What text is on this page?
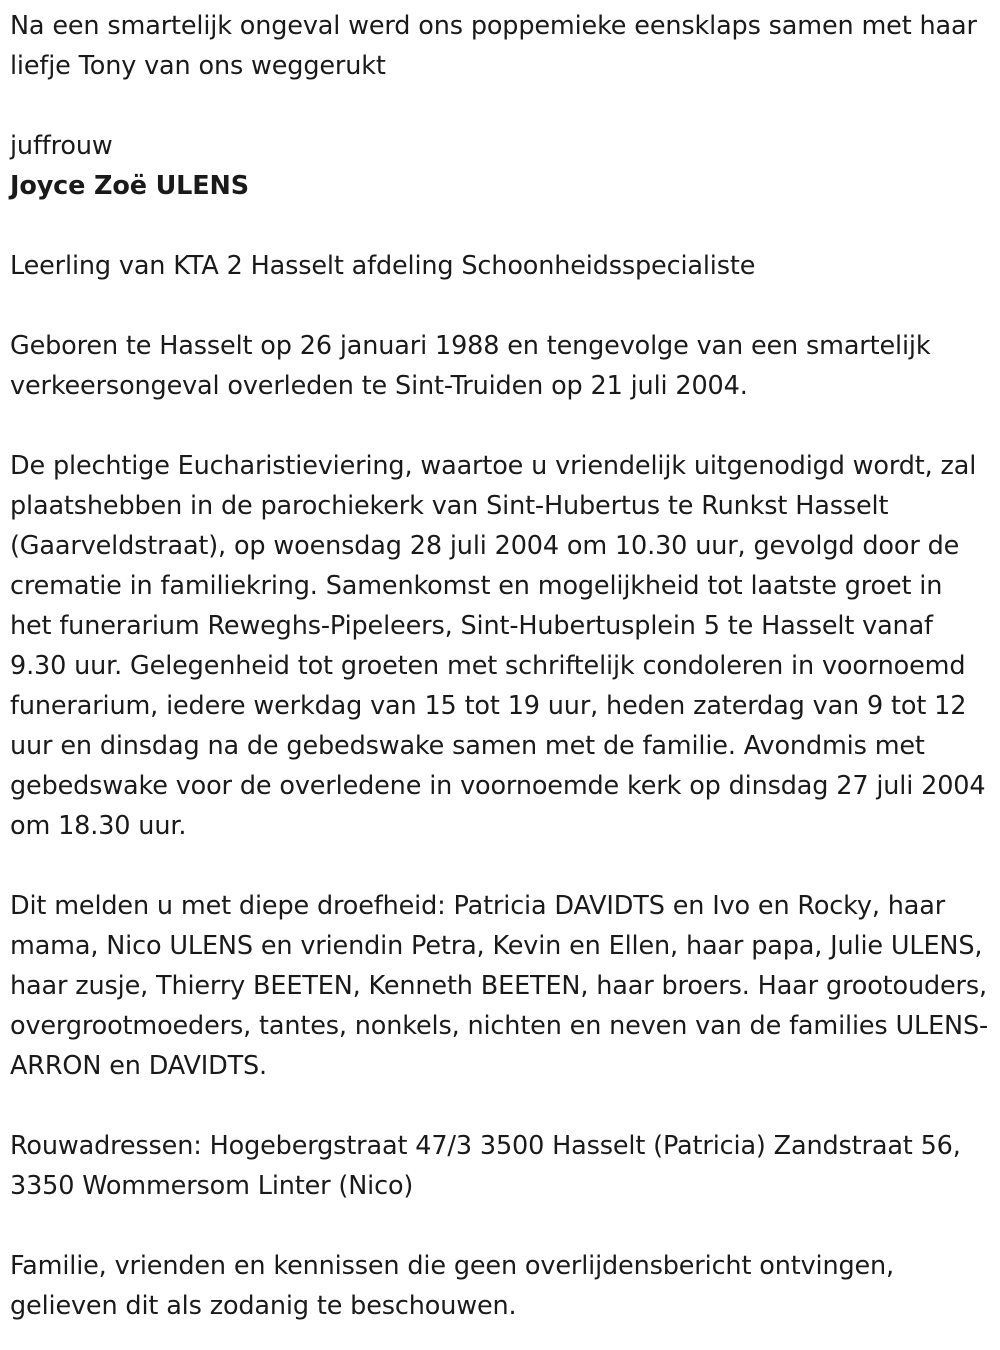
Na een smartelijk ongeval werd ons poppemieke eensklaps samen met haar liefje Tony van ons weggerukt

juffrouw

Joyce Zoë ULENS

Leerling van KTA 2 Hasselt afdeling Schoonheidsspecialiste

Geboren te Hasselt op 26 januari 1988 en tengevolge van een smartelijk verkeersongeval overleden te Sint-Truiden op 21 juli 2004.

De plechtige Eucharistieviering, waartoe u vriendelijk uitgenodigd wordt, zal plaatshebben in de parochiekerk van Sint-Hubertus te Runkst Hasselt (Gaarveldstraat), op woensdag 28 juli 2004 om 10.30 uur, gevolgd door de crematie in familiekring. Samenkomst en mogelijkheid tot laatste groet in het funerarium Reweghs-Pipeleers, Sint-Hubertusplein 5 te Hasselt vanaf 9.30 uur. Gelegenheid tot groeten met schriftelijk condoleren in voornoemd funerarium, iedere werkdag van 15 tot 19 uur, heden zaterdag van 9 tot 12 uur en dinsdag na de gebedswake samen met de familie. Avondmis met gebedswake voor de overledene in voornoemde kerk op dinsdag 27 juli 2004 om 18.30 uur.

Dit melden u met diepe droefheid: Patricia DAVIDTS en Ivo en Rocky, haar mama, Nico ULENS en vriendin Petra, Kevin en Ellen, haar papa, Julie ULENS, haar zusje, Thierry BEETEN, Kenneth BEETEN, haar broers. Haar grootouders, overgrootmoeders, tantes, nonkels, nichten en neven van de families ULENS-ARRON en DAVIDTS.

Rouwadressen: Hogebergstraat 47/3 3500 Hasselt (Patricia) Zandstraat 56, 3350 Wommersom Linter (Nico)

Familie, vrienden en kennissen die geen overlijdensbericht ontvingen, gelieven dit als zodanig te beschouwen.
